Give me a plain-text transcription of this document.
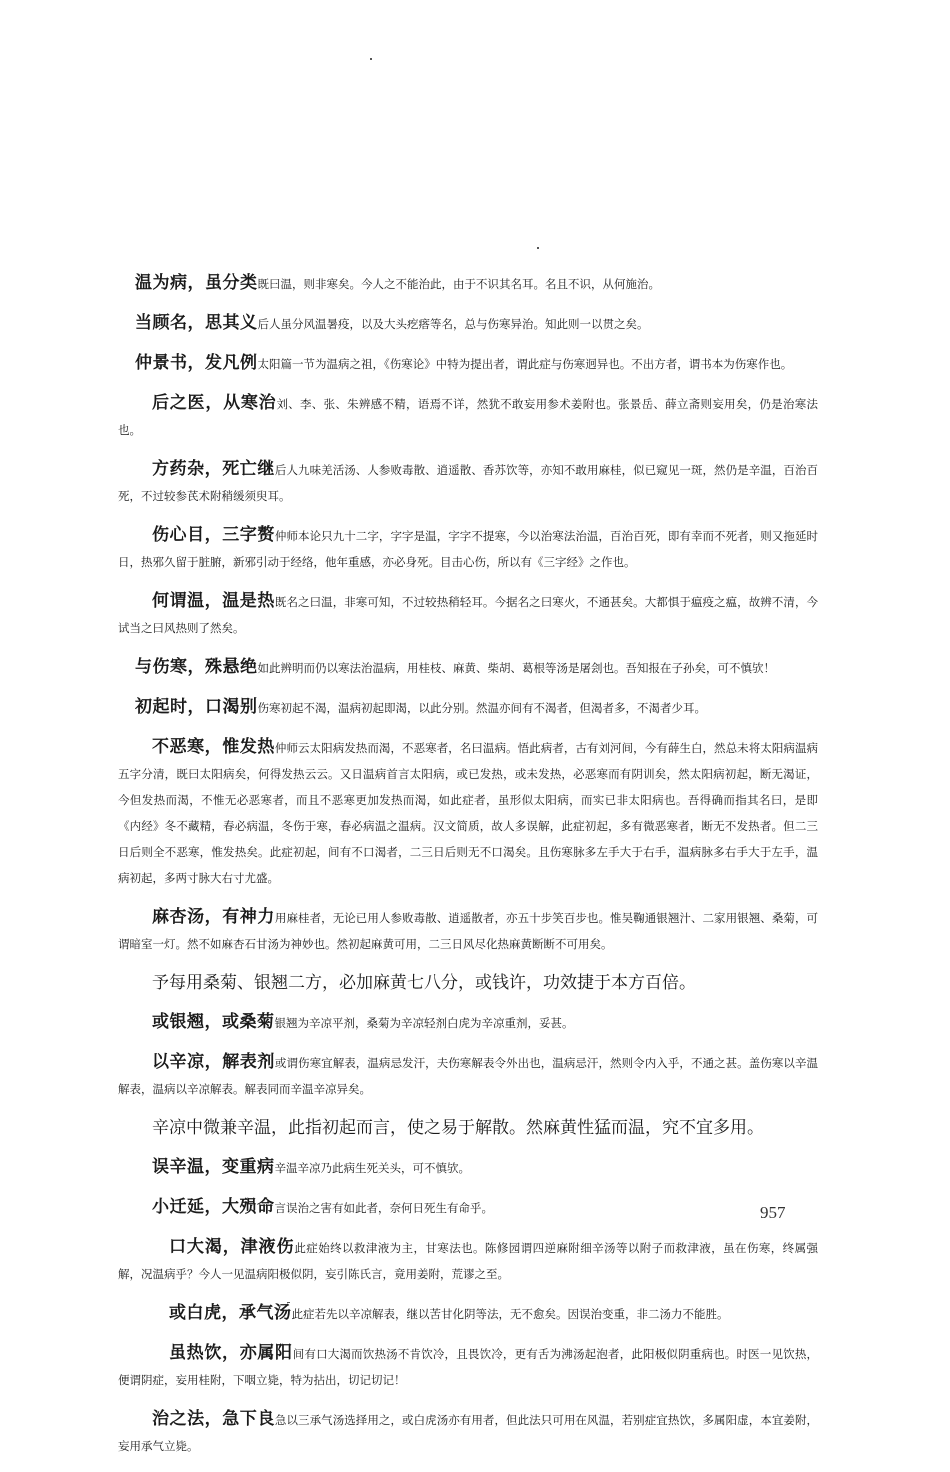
温为病，虽分类既曰温，则非寒矣。今人之不能治此，由于不识其名耳。名且不识，从何施治。

当顾名，思其义后人虽分风温暑疫，以及大头疙瘩等名，总与伤寒异治。知此则一以贯之矣。

仲景书，发凡例太阳篇一节为温病之祖，《伤寒论》中特为提出者，谓此症与伤寒迥异也。不出方者，谓书本为伤寒作也。

后之医，从寒治刘、李、张、朱辨感不精，语焉不详，然犹不敢妄用参术姜附也。张景岳、薛立斋则妄用矣，仍是治寒法也。

方药杂，死亡继后人九味羌活汤、人参败毒散、逍遥散、香苏饮等，亦知不敢用麻桂，似已窥见一斑，然仍是辛温，百治百死，不过较参芪术附稍缓须臾耳。

伤心目，三字赘仲师本论只九十二字，字字是温，字字不提寒，今以治寒法治温，百治百死，即有幸而不死者，则又拖延时日，热邪久留于脏腑，新邪引动于经络，他年重感，亦必身死。目击心伤，所以有《三字经》之作也。

何谓温，温是热既名之曰温，非寒可知，不过较热稍轻耳。今据名之曰寒火，不通甚矣。大都惧于瘟疫之瘟，故辨不清，今试当之曰风热则了然矣。

与伤寒，殊悬绝如此辨明而仍以寒法治温病，用桂枝、麻黄、柴胡、葛根等汤是屠刽也。吾知报在子孙矣，可不慎欤！

初起时，口渴别伤寒初起不渴，温病初起即渴，以此分别。然温亦间有不渴者，但渴者多，不渴者少耳。

不恶寒，惟发热仲师云太阳病发热而渴，不恶寒者，名曰温病。悟此病者，古有刘河间，今有薛生白，然总未将太阳病温病五字分清，既曰太阳病矣，何得发热云云。又日温病首言太阳病，或已发热，或未发热，必恶寒而有阴训矣，然太阳病初起，断无渴证，今但发热而渴，不惟无必恶寒者，而且不恶寒更加发热而渴，如此症者，虽形似太阳病，而实已非太阳病也。吾得确而指其名曰，是即《内经》冬不藏精，春必病温，冬伤于寒，春必病温之温病。汉文简质，故人多误解，此症初起，多有微恶寒者，断无不发热者。但二三日后则全不恶寒，惟发热矣。此症初起，间有不口渴者，二三日后则无不口渴矣。且伤寒脉多左手大于右手，温病脉多右手大于左手，温病初起，多两寸脉大右寸尤盛。

麻杏汤，有神力用麻桂者，无论已用人参败毒散、逍遥散者，亦五十步笑百步也。惟吴鞠通银翘汁、二家用银翘、桑菊，可谓暗室一灯。然不如麻杏石甘汤为神妙也。然初起麻黄可用，二三日风尽化热麻黄断断不可用矣。

予每用桑菊、银翘二方，必加麻黄七八分，或钱许，功效捷于本方百倍。

或银翘，或桑菊银翘为辛凉平剂，桑菊为辛凉轻剂白虎为辛凉重剂，妥甚。

以辛凉，解表剂或谓伤寒宜解表，温病忌发汗，夫伤寒解表令外出也，温病忌汗，然则令内入乎，不通之甚。盖伤寒以辛温解表，温病以辛凉解表。解表同而辛温辛凉异矣。

辛凉中微兼辛温，此指初起而言，使之易于解散。然麻黄性猛而温，究不宜多用。

误辛温，变重病辛温辛凉乃此病生死关头，可不慎欤。

小迁延，大殒命言误治之害有如此者，奈何日死生有命乎。

口大渴，津液伤此症始终以救津液为主，甘寒法也。陈修园谓四逆麻附细辛汤等以附子而救津液，虽在伤寒，终属强解，况温病乎？今人一见温病阳极似阴，妄引陈氏言，竟用姜附，荒谬之至。

或白虎，承气汤此症若先以辛凉解表，继以苦甘化阴等法，无不愈矣。因误治变重，非二汤力不能胜。

虽热饮，亦属阳间有口大渴而饮热汤不肯饮冷，且畏饮冷，更有舌为沸汤起泡者，此阳极似阴重病也。时医一见饮热，便谓阴症，妄用桂附，下咽立毙，特为拈出，切记切记！

治之法，急下良急以三承气汤选择用之，或白虎汤亦有用者，但此法只可用在风温，若别症宜热饮，多属阳虚，本宜姜附，妄用承气立毙。

957
